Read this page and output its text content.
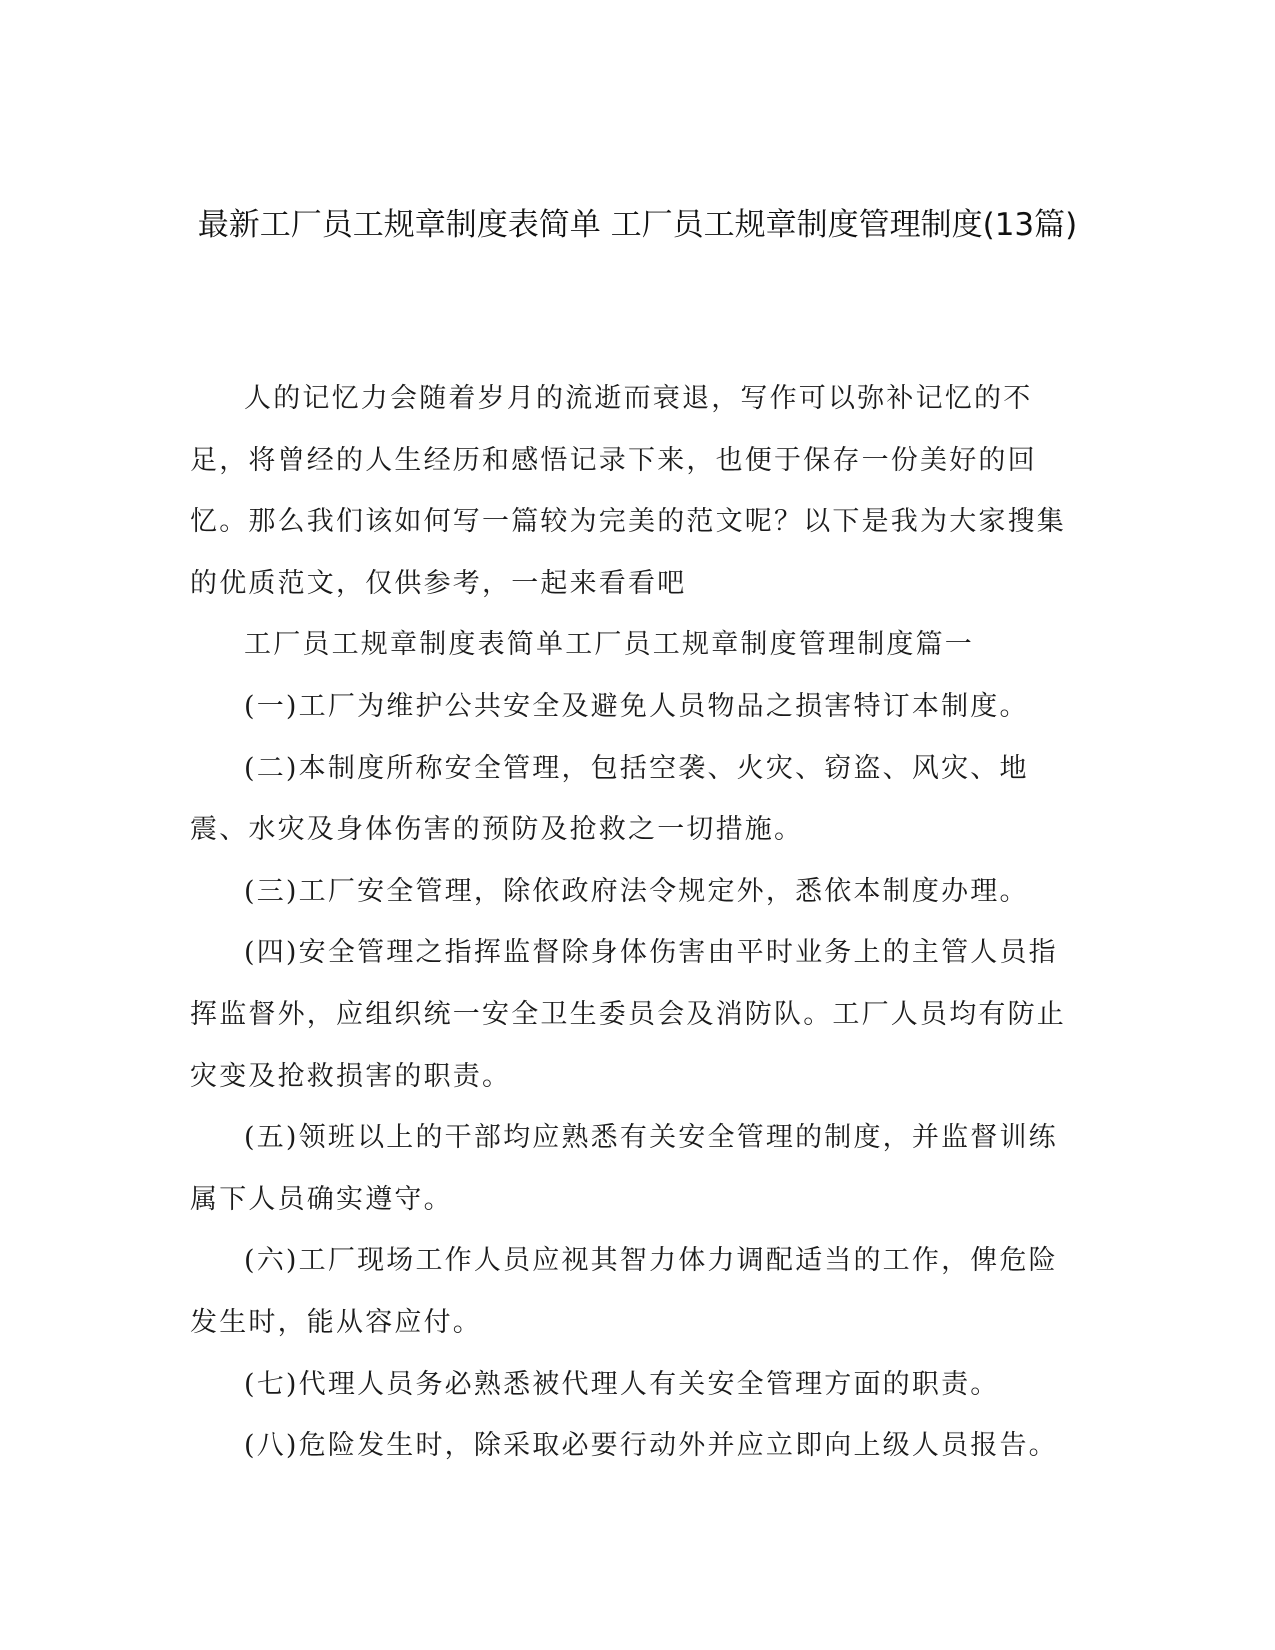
最新工厂员工规章制度表简单 工厂员工规章制度管理制度(13篇)

人的记忆力会随着岁月的流逝而衰退，写作可以弥补记忆的不足，将曾经的人生经历和感悟记录下来，也便于保存一份美好的回忆。那么我们该如何写一篇较为完美的范文呢？以下是我为大家搜集的优质范文，仅供参考，一起来看看吧

工厂员工规章制度表简单工厂员工规章制度管理制度篇一

(一)工厂为维护公共安全及避免人员物品之损害特订本制度。

(二)本制度所称安全管理，包括空袭、火灾、窃盗、风灾、地震、水灾及身体伤害的预防及抢救之一切措施。

(三)工厂安全管理，除依政府法令规定外，悉依本制度办理。

(四)安全管理之指挥监督除身体伤害由平时业务上的主管人员指挥监督外，应组织统一安全卫生委员会及消防队。工厂人员均有防止灾变及抢救损害的职责。

(五)领班以上的干部均应熟悉有关安全管理的制度，并监督训练属下人员确实遵守。

(六)工厂现场工作人员应视其智力体力调配适当的工作，俾危险发生时，能从容应付。

(七)代理人员务必熟悉被代理人有关安全管理方面的职责。

(八)危险发生时，除采取必要行动外并应立即向上级人员报告。
